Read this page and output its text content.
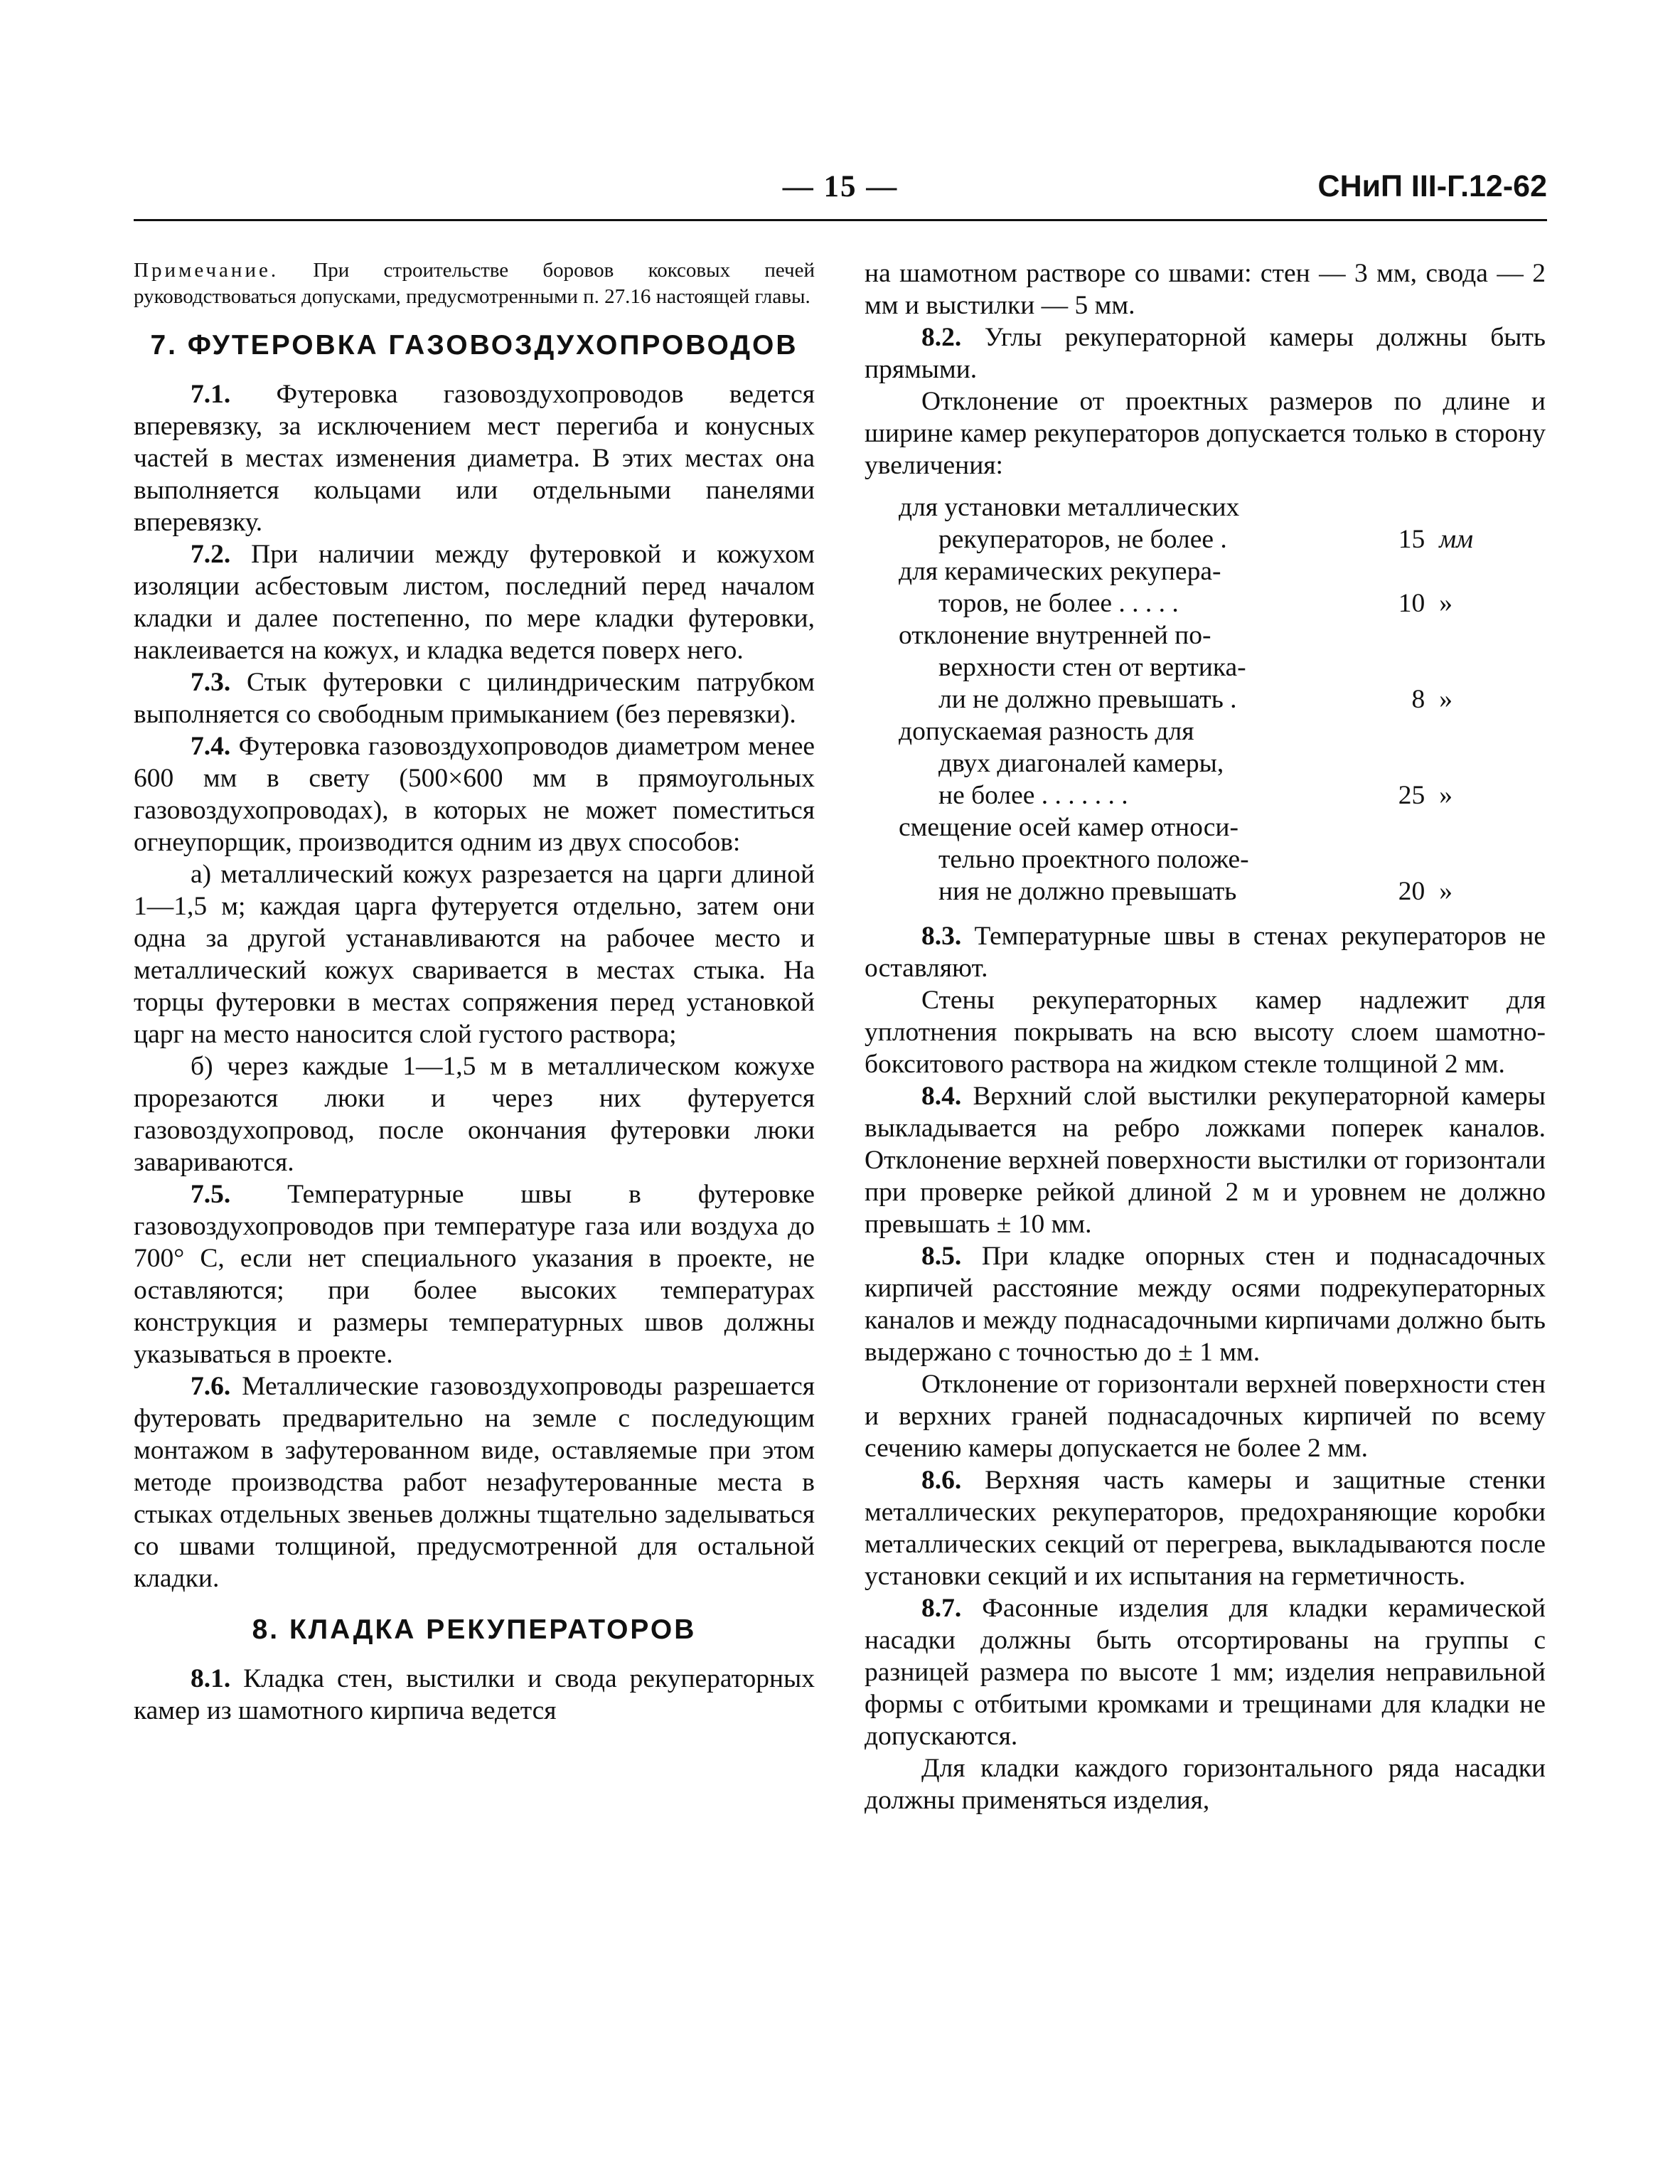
— 15 —	СНиП III-Г.12-62

Примечание. При строительстве боровов коксовых печей руководствоваться допусками, предусмотренными п. 27.16 настоящей главы.

7. ФУТЕРОВКА ГАЗОВОЗДУХОПРОВОДОВ

7.1. Футеровка газовоздухопроводов ведется вперевязку, за исключением мест перегиба и конусных частей в местах изменения диаметра. В этих местах она выполняется кольцами или отдельными панелями вперевязку.

7.2. При наличии между футеровкой и кожухом изоляции асбестовым листом, последний перед началом кладки и далее постепенно, по мере кладки футеровки, наклеивается на кожух, и кладка ведется поверх него.

7.3. Стык футеровки с цилиндрическим патрубком выполняется со свободным примыканием (без перевязки).

7.4. Футеровка газовоздухопроводов диаметром менее 600 мм в свету (500×600 мм в прямоугольных газовоздухопроводах), в которых не может поместиться огнеупорщик, производится одним из двух способов:

а) металлический кожух разрезается на царги длиной 1—1,5 м; каждая царга футеруется отдельно, затем они одна за другой устанавливаются на рабочее место и металлический кожух сваривается в местах стыка. На торцы футеровки в местах сопряжения перед установкой царг на место наносится слой густого раствора;

б) через каждые 1—1,5 м в металлическом кожухе прорезаются люки и через них футеруется газовоздухопровод, после окончания футеровки люки завариваются.

7.5. Температурные швы в футеровке газовоздухопроводов при температуре газа или воздуха до 700° С, если нет специального указания в проекте, не оставляются; при более высоких температурах конструкция и размеры температурных швов должны указываться в проекте.

7.6. Металлические газовоздухопроводы разрешается футеровать предварительно на земле с последующим монтажом в зафутерованном виде, оставляемые при этом методе производства работ незафутерованные места в стыках отдельных звеньев должны тщательно заделываться со швами толщиной, предусмотренной для остальной кладки.

8. КЛАДКА РЕКУПЕРАТОРОВ

8.1. Кладка стен, выстилки и свода рекуператорных камер из шамотного кирпича ведется

на шамотном растворе со швами: стен — 3 мм, свода — 2 мм и выстилки — 5 мм.

8.2. Углы рекуператорной камеры должны быть прямыми.

Отклонение от проектных размеров по длине и ширине камер рекуператоров допускается только в сторону увеличения:

для установки металлических
рекуператоров, не более .	15 мм
для керамических рекупера-
торов, не более . . . . .	10 »
отклонение внутренней по-
верхности стен от вертика-
ли не должно превышать .	8 »
допускаемая разность для
двух диагоналей камеры,
не более . . . . . . .	25 »
смещение осей камер относи-
тельно проектного положе-
ния не должно превышать	20 »

8.3. Температурные швы в стенах рекуператоров не оставляют.

Стены рекуператорных камер надлежит для уплотнения покрывать на всю высоту слоем шамотно-бокситового раствора на жидком стекле толщиной 2 мм.

8.4. Верхний слой выстилки рекуператорной камеры выкладывается на ребро ложками поперек каналов. Отклонение верхней поверхности выстилки от горизонтали при проверке рейкой длиной 2 м и уровнем не должно превышать ± 10 мм.

8.5. При кладке опорных стен и поднасадочных кирпичей расстояние между осями подрекуператорных каналов и между поднасадочными кирпичами должно быть выдержано с точностью до ± 1 мм.

Отклонение от горизонтали верхней поверхности стен и верхних граней поднасадочных кирпичей по всему сечению камеры допускается не более 2 мм.

8.6. Верхняя часть камеры и защитные стенки металлических рекуператоров, предохраняющие коробки металлических секций от перегрева, выкладываются после установки секций и их испытания на герметичность.

8.7. Фасонные изделия для кладки керамической насадки должны быть отсортированы на группы с разницей размера по высоте 1 мм; изделия неправильной формы с отбитыми кромками и трещинами для кладки не допускаются.

Для кладки каждого горизонтального ряда насадки должны применяться изделия,
